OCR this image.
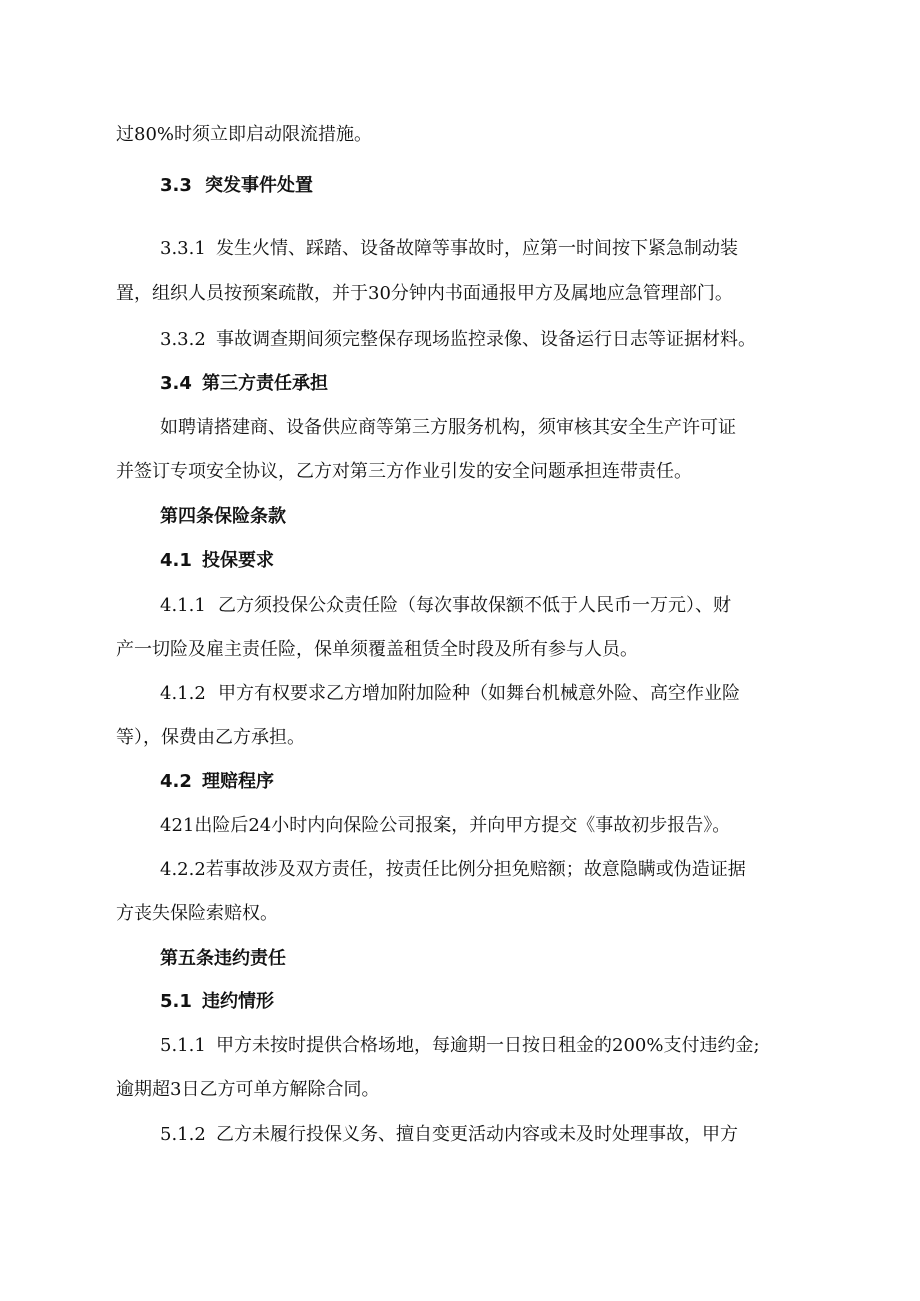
过80%时须立即启动限流措施。
3.3 突发事件处置
3.3.1 发生火情、踩踏、设备故障等事故时，应第一时间按下紧急制动装
置，组织人员按预案疏散，并于30分钟内书面通报甲方及属地应急管理部门。
3.3.2 事故调查期间须完整保存现场监控录像、设备运行日志等证据材料。
3.4 第三方责任承担
如聘请搭建商、设备供应商等第三方服务机构，须审核其安全生产许可证
并签订专项安全协议，乙方对第三方作业引发的安全问题承担连带责任。
第四条保险条款
4.1 投保要求
4.1.1 乙方须投保公众责任险（每次事故保额不低于人民币一万元）、财
产一切险及雇主责任险，保单须覆盖租赁全时段及所有参与人员。
4.1.2 甲方有权要求乙方增加附加险种（如舞台机械意外险、高空作业险
等），保费由乙方承担。
4.2 理赔程序
421出险后24小时内向保险公司报案，并向甲方提交《事故初步报告》。
4.2.2若事故涉及双方责任，按责任比例分担免赔额；故意隐瞒或伪造证据
方丧失保险索赔权。
第五条违约责任
5.1 违约情形
5.1.1 甲方未按时提供合格场地，每逾期一日按日租金的200%支付违约金;
逾期超3日乙方可单方解除合同。
5.1.2 乙方未履行投保义务、擅自变更活动内容或未及时处理事故，甲方
